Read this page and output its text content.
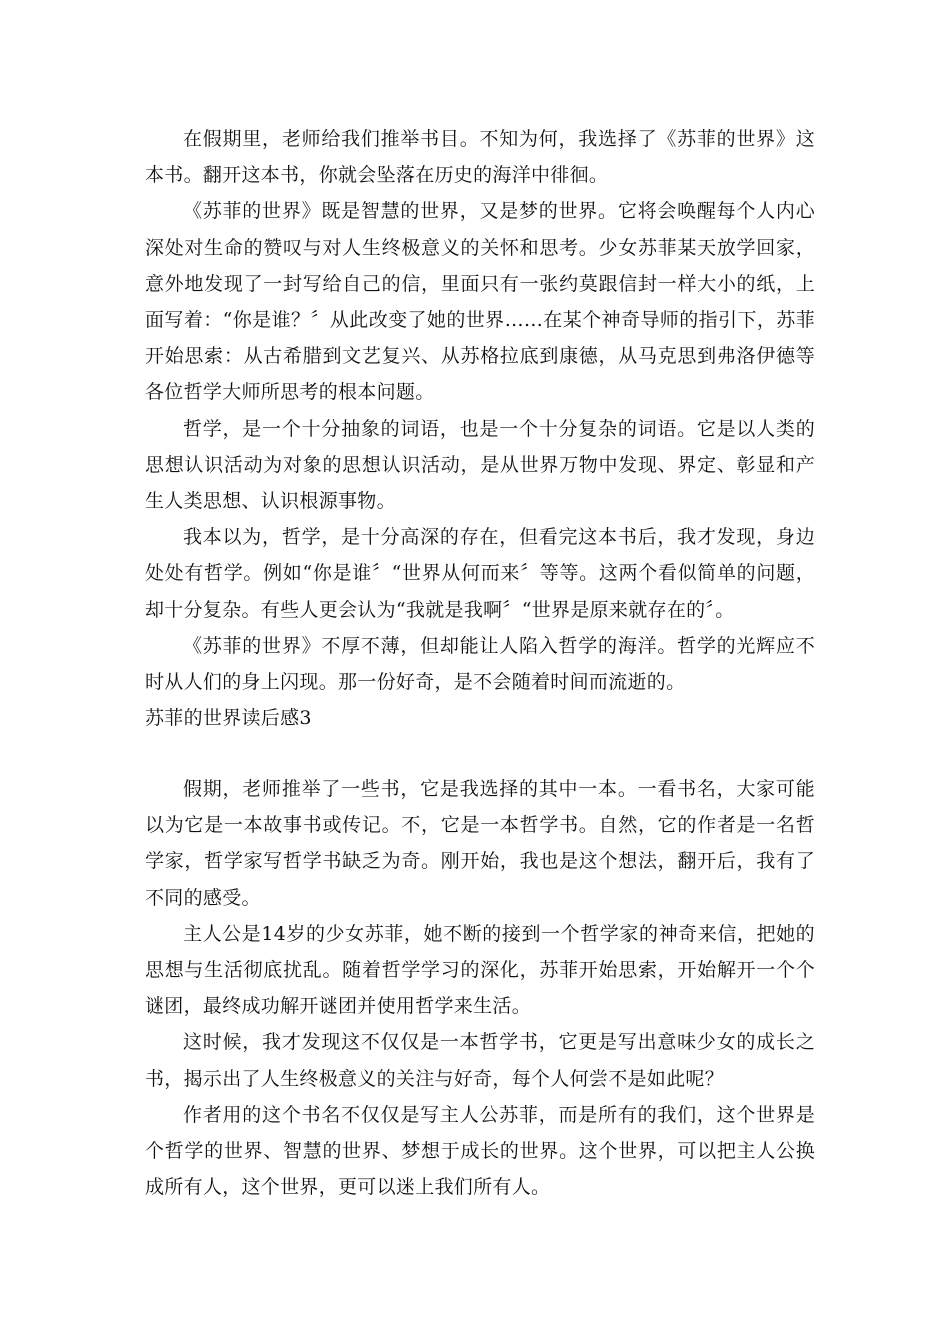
在假期里，老师给我们推举书目。不知为何，我选择了《苏菲的世界》这本书。翻开这本书，你就会坠落在历史的海洋中徘徊。

《苏菲的世界》既是智慧的世界，又是梦的世界。它将会唤醒每个人内心深处对生命的赞叹与对人生终极意义的关怀和思考。少女苏菲某天放学回家，意外地发现了一封写给自己的信，里面只有一张约莫跟信封一样大小的纸，上面写着：“你是谁？〞从此改变了她的世界……在某个神奇导师的指引下，苏菲开始思索：从古希腊到文艺复兴、从苏格拉底到康德，从马克思到弗洛伊德等各位哲学大师所思考的根本问题。

哲学，是一个十分抽象的词语，也是一个十分复杂的词语。它是以人类的思想认识活动为对象的思想认识活动，是从世界万物中发现、界定、彰显和产生人类思想、认识根源事物。

我本以为，哲学，是十分高深的存在，但看完这本书后，我才发现，身边处处有哲学。例如“你是谁〞“世界从何而来〞等等。这两个看似简单的问题，却十分复杂。有些人更会认为“我就是我啊〞“世界是原来就存在的〞。

《苏菲的世界》不厚不薄，但却能让人陷入哲学的海洋。哲学的光辉应不时从人们的身上闪现。那一份好奇，是不会随着时间而流逝的。

苏菲的世界读后感3

假期，老师推举了一些书，它是我选择的其中一本。一看书名，大家可能以为它是一本故事书或传记。不，它是一本哲学书。自然，它的作者是一名哲学家，哲学家写哲学书缺乏为奇。刚开始，我也是这个想法，翻开后，我有了不同的感受。

主人公是14岁的少女苏菲，她不断的接到一个哲学家的神奇来信，把她的思想与生活彻底扰乱。随着哲学学习的深化，苏菲开始思索，开始解开一个个谜团，最终成功解开谜团并使用哲学来生活。

这时候，我才发现这不仅仅是一本哲学书，它更是写出意味少女的成长之书，揭示出了人生终极意义的关注与好奇，每个人何尝不是如此呢？

作者用的这个书名不仅仅是写主人公苏菲，而是所有的我们，这个世界是个哲学的世界、智慧的世界、梦想于成长的世界。这个世界，可以把主人公换成所有人，这个世界，更可以迷上我们所有人。
